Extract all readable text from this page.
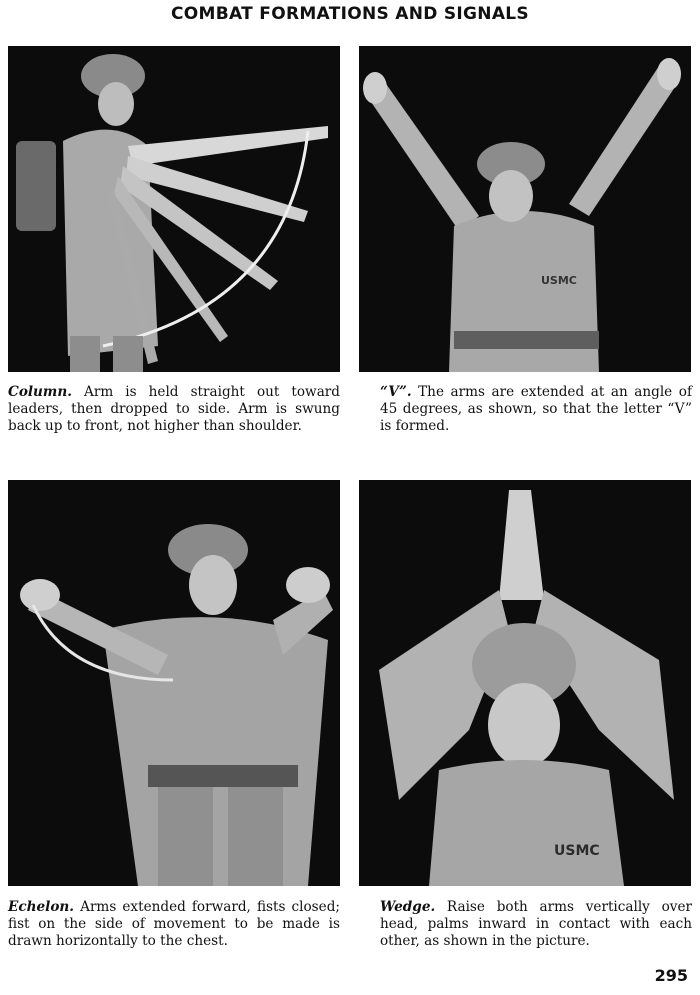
COMBAT FORMATIONS AND SIGNALS
USMC
USMC

Column. Arm is held straight out toward leaders, then dropped to side. Arm is swung back up to front, not higher than shoulder.

“V”. The arms are extended at an angle of 45 degrees, as shown, so that the letter “V” is formed.

Echelon. Arms extended forward, fists closed; fist on the side of movement to be made is drawn horizontally to the chest.

Wedge. Raise both arms vertically over head, palms inward in contact with each other, as shown in the picture.

295
